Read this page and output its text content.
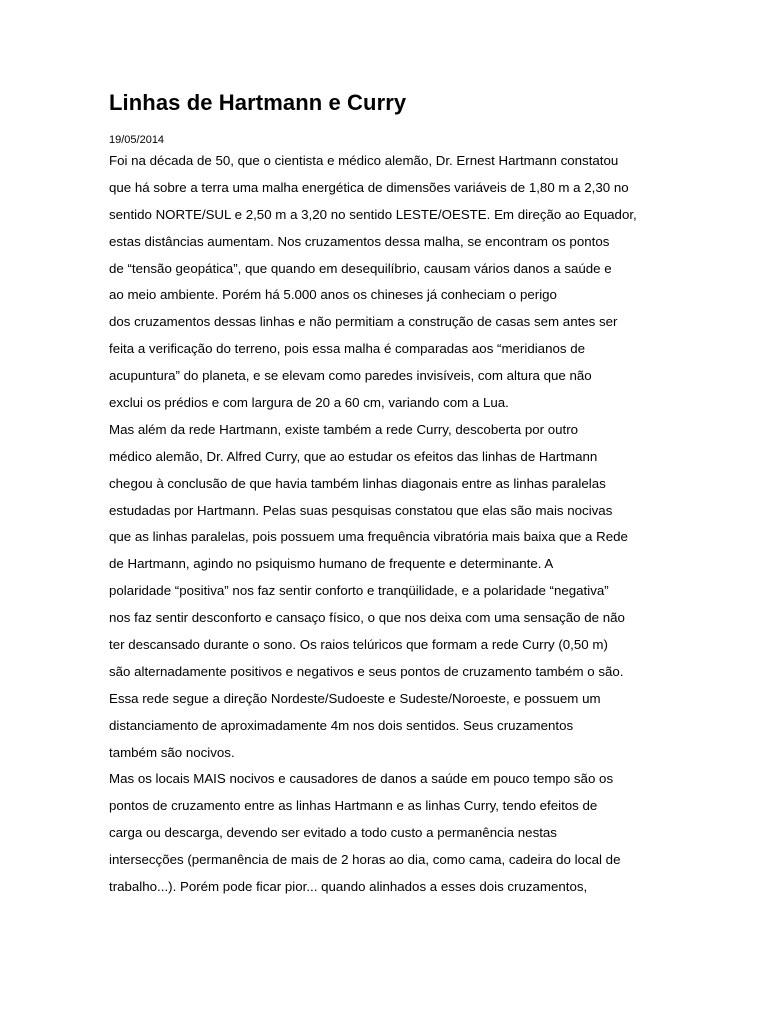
Linhas de Hartmann e Curry
19/05/2014
Foi na década de 50, que o cientista e médico alemão, Dr. Ernest Hartmann constatou
que há sobre a terra uma malha energética de dimensões variáveis de 1,80 m a 2,30 no
sentido NORTE/SUL e 2,50 m a 3,20 no sentido LESTE/OESTE. Em direção ao Equador,
estas distâncias aumentam. Nos cruzamentos dessa malha, se encontram os pontos
de “tensão geopática”, que quando em desequilíbrio, causam vários danos a saúde e
ao meio ambiente. Porém há 5.000 anos os chineses já conheciam o perigo
dos cruzamentos dessas linhas e não permitiam a construção de casas sem antes ser
feita a verificação do terreno, pois essa malha é comparadas aos “meridianos de
acupuntura” do planeta, e se elevam como paredes invisíveis, com altura que não
exclui os prédios e com largura de 20 a 60 cm, variando com a Lua.
Mas além da rede Hartmann, existe também a rede Curry, descoberta por outro
médico alemão, Dr. Alfred Curry, que ao estudar os efeitos das linhas de Hartmann
chegou à conclusão de que havia também linhas diagonais entre as linhas paralelas
estudadas por Hartmann. Pelas suas pesquisas constatou que elas são mais nocivas
que as linhas paralelas, pois possuem uma frequência vibratória mais baixa que a Rede
de Hartmann, agindo no psiquismo humano de frequente e determinante. A
polaridade “positiva” nos faz sentir conforto e tranqüilidade, e a polaridade “negativa”
nos faz sentir desconforto e cansaço físico, o que nos deixa com uma sensação de não
ter descansado durante o sono. Os raios telúricos que formam a rede Curry (0,50 m)
são alternadamente positivos e negativos e seus pontos de cruzamento também o são.
Essa rede segue a direção Nordeste/Sudoeste e Sudeste/Noroeste, e possuem um
distanciamento de aproximadamente 4m nos dois sentidos. Seus cruzamentos
também são nocivos.
Mas os locais MAIS nocivos e causadores de danos a saúde em pouco tempo são os
pontos de cruzamento entre as linhas Hartmann e as linhas Curry, tendo efeitos de
carga ou descarga, devendo ser evitado a todo custo a permanência nestas
intersecções (permanência de mais de 2 horas ao dia, como cama, cadeira do local de
trabalho...). Porém pode ficar pior... quando alinhados a esses dois cruzamentos,
